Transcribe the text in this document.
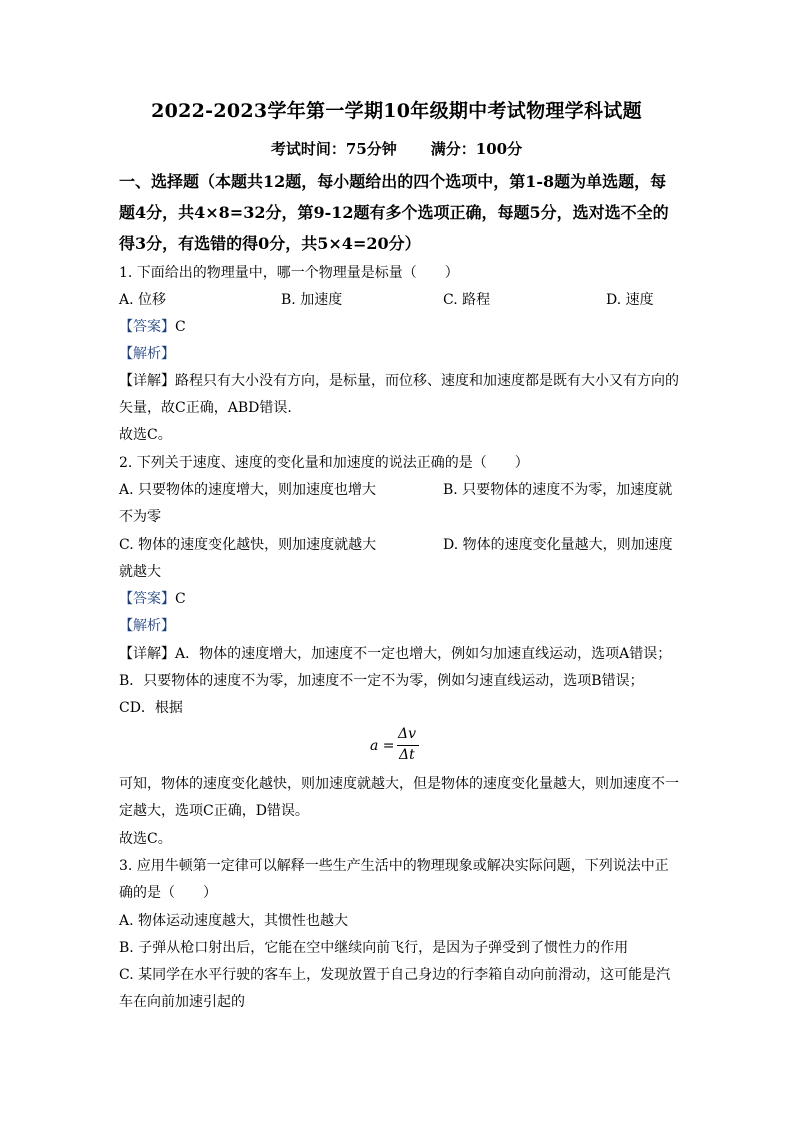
2022-2023学年第一学期10年级期中考试物理学科试题
考试时间：75分钟 满分：100分
一、选择题（本题共12题，每小题给出的四个选项中，第1-8题为单选题，每题4分，共4×8=32分，第9-12题有多个选项正确，每题5分，选对选不全的得3分，有选错的得0分，共5×4=20分）
1. 下面给出的物理量中，哪一个物理量是标量（　　）
A. 位移	B. 加速度	C. 路程	D. 速度
【答案】C
【解析】
【详解】路程只有大小没有方向，是标量，而位移、速度和加速度都是既有大小又有方向的
矢量，故C正确，ABD错误.
故选C。
2. 下列关于速度、速度的变化量和加速度的说法正确的是（　　）
A. 只要物体的速度增大，则加速度也增大	B. 只要物体的速度不为零，加速度就
不为零
C. 物体的速度变化越快，则加速度就越大	D. 物体的速度变化量越大，则加速度
就越大
【答案】C
【解析】
【详解】A．物体的速度增大，加速度不一定也增大，例如匀加速直线运动，选项A错误；
B．只要物体的速度不为零，加速度不一定不为零，例如匀速直线运动，选项B错误；
CD．根据
a =
Δv
Δt
可知，物体的速度变化越快，则加速度就越大，但是物体的速度变化量越大，则加速度不一
定越大，选项C正确，D错误。
故选C。
3. 应用牛顿第一定律可以解释一些生产生活中的物理现象或解决实际问题，下列说法中正
确的是（　　）
A. 物体运动速度越大，其惯性也越大
B. 子弹从枪口射出后，它能在空中继续向前飞行，是因为子弹受到了惯性力的作用
C. 某同学在水平行驶的客车上，发现放置于自己身边的行李箱自动向前滑动，这可能是汽
车在向前加速引起的
